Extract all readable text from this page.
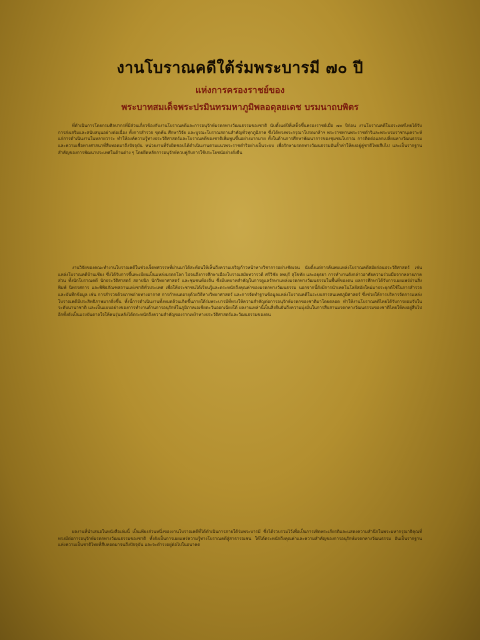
งานโบราณคดีใต้ร่มพระบารมี ๗๐ ปี
แห่งการครองราชย์ของ
พระบาทสมเด็จพระปรมินทรมหาภูมิพลอดุลยเดช บรมนาถบพิตร
ที่ดำเนินการโดยกรมศิลปากรที่มีส่วนเกี่ยวข้องกับงานโบราณคดีและการอนุรักษ์มรดกทางวัฒนธรรมของชาติ นับตั้งแต่ปีที่เสด็จขึ้นครองราชย์เมื่อ ๗๐ ปีก่อน งานโบราณคดีในประเทศไทยได้รับการส่งเสริมและสนับสนุนอย่างต่อเนื่อง ทั้งการสำรวจ ขุดค้น ศึกษาวิจัย และบูรณะโบราณสถานสำคัญทั่วทุกภูมิภาค ซึ่งได้ทรงพระกรุณาโปรดเกล้าฯ พระราชทานพระราชดำริและพระบรมราชานุเคราะห์แก่การดำเนินงานในหลายวาระ ทำให้องค์ความรู้ทางประวัติศาสตร์และโบราณคดีของชาติเพิ่มพูนขึ้นอย่างมากมาย ทั้งในด้านการศึกษาพัฒนาการของชุมชนโบราณ การติดต่อแลกเปลี่ยนทางวัฒนธรรม และความเชื่อทางศาสนาที่สืบทอดมาถึงปัจจุบัน หน่วยงานที่รับผิดชอบได้ดำเนินงานตามแนวพระราชดำริอย่างเป็นระบบ เพื่อรักษามรดกทางวัฒนธรรมอันล้ำค่าให้คงอยู่คู่ชาติไทยสืบไป และเป็นรากฐานสำคัญของการพัฒนาประเทศในด้านต่าง ๆ โดยยึดหลักการอนุรักษ์ควบคู่กับการใช้ประโยชน์อย่างยั่งยืน
งานวิจัยของคณะทำงานโบราณคดีในช่วงเจ็ดทศวรรษที่ผ่านมาได้สะท้อนให้เห็นถึงความเจริญก้าวหน้าทางวิชาการอย่างชัดเจน นับตั้งแต่การค้นพบแหล่งโบราณคดีสมัยก่อนประวัติศาสตร์ เช่น แหล่งโบราณคดีบ้านเชียง ซึ่งได้รับการขึ้นทะเบียนเป็นแหล่งมรดกโลก ไปจนถึงการศึกษาเมืองโบราณสมัยทวารวดี ศรีวิชัย ลพบุรี สุโขทัย และอยุธยา การทำงานดังกล่าวอาศัยความร่วมมือจากหลายภาคส่วน ทั้งนักโบราณคดี นักประวัติศาสตร์ สถาปนิก นักวิทยาศาสตร์ และชุมชนท้องถิ่น ซึ่งมีบทบาทสำคัญในการดูแลรักษาแหล่งมรดกทางวัฒนธรรมในพื้นที่ของตน ผลการศึกษาได้รับการเผยแพร่ผ่านสิ่งพิมพ์ นิทรรศการ และพิพิธภัณฑสถานแห่งชาติทั่วประเทศ เพื่อให้ประชาชนได้เรียนรู้และตระหนักถึงคุณค่าของมรดกทางวัฒนธรรม นอกจากนี้ยังมีการนำเทคโนโลยีสมัยใหม่มาประยุกต์ใช้ในการสำรวจและบันทึกข้อมูล เช่น การสำรวจด้วยภาพถ่ายทางอากาศ การกำหนดอายุด้วยวิธีทางวิทยาศาสตร์ และการจัดทำฐานข้อมูลแหล่งโบราณคดีในระบบสารสนเทศภูมิศาสตร์ ซึ่งช่วยให้การบริหารจัดการแหล่งโบราณคดีมีประสิทธิภาพมากยิ่งขึ้น ทั้งนี้การดำเนินงานทั้งหมดล้วนเกิดขึ้นภายใต้ร่มพระบารมีที่ทรงให้ความสำคัญต่อการอนุรักษ์มรดกของชาติมาโดยตลอด ทำให้งานโบราณคดีไทยได้รับการยอมรับในระดับนานาชาติ และเป็นแบบอย่างของการทำงานด้านการอนุรักษ์ในภูมิภาคเอเชียตะวันออกเฉียงใต้ ผลงานเหล่านี้เป็นสิ่งยืนยันถึงความมุ่งมั่นในการสืบสานมรดกทางวัฒนธรรมของชาติไทยให้คงอยู่สืบไป อีกทั้งยังเป็นแรงบันดาลใจให้คนรุ่นหลังได้ตระหนักถึงความสำคัญของรากเหง้าทางประวัติศาสตร์และวัฒนธรรมของตน
ผลงานที่นำเสนอในหนังสือเล่มนี้ เป็นเพียงส่วนหนึ่งของงานโบราณคดีที่ได้ดำเนินการภายใต้ร่มพระบารมี ซึ่งได้รวบรวมไว้เพื่อเป็นการเทิดพระเกียรติและแสดงความสำนึกในพระมหากรุณาธิคุณที่ทรงมีต่อการอนุรักษ์มรดกทางวัฒนธรรมของชาติ ทั้งยังเป็นการเผยแพร่ความรู้ทางโบราณคดีสู่สาธารณชน ให้ได้ตระหนักถึงคุณค่าและความสำคัญของการอนุรักษ์มรดกทางวัฒนธรรม อันเป็นรากฐานแห่งความเป็นชาติไทยที่สืบทอดมาจนถึงปัจจุบัน และจะดำรงอยู่ต่อไปในอนาคต
